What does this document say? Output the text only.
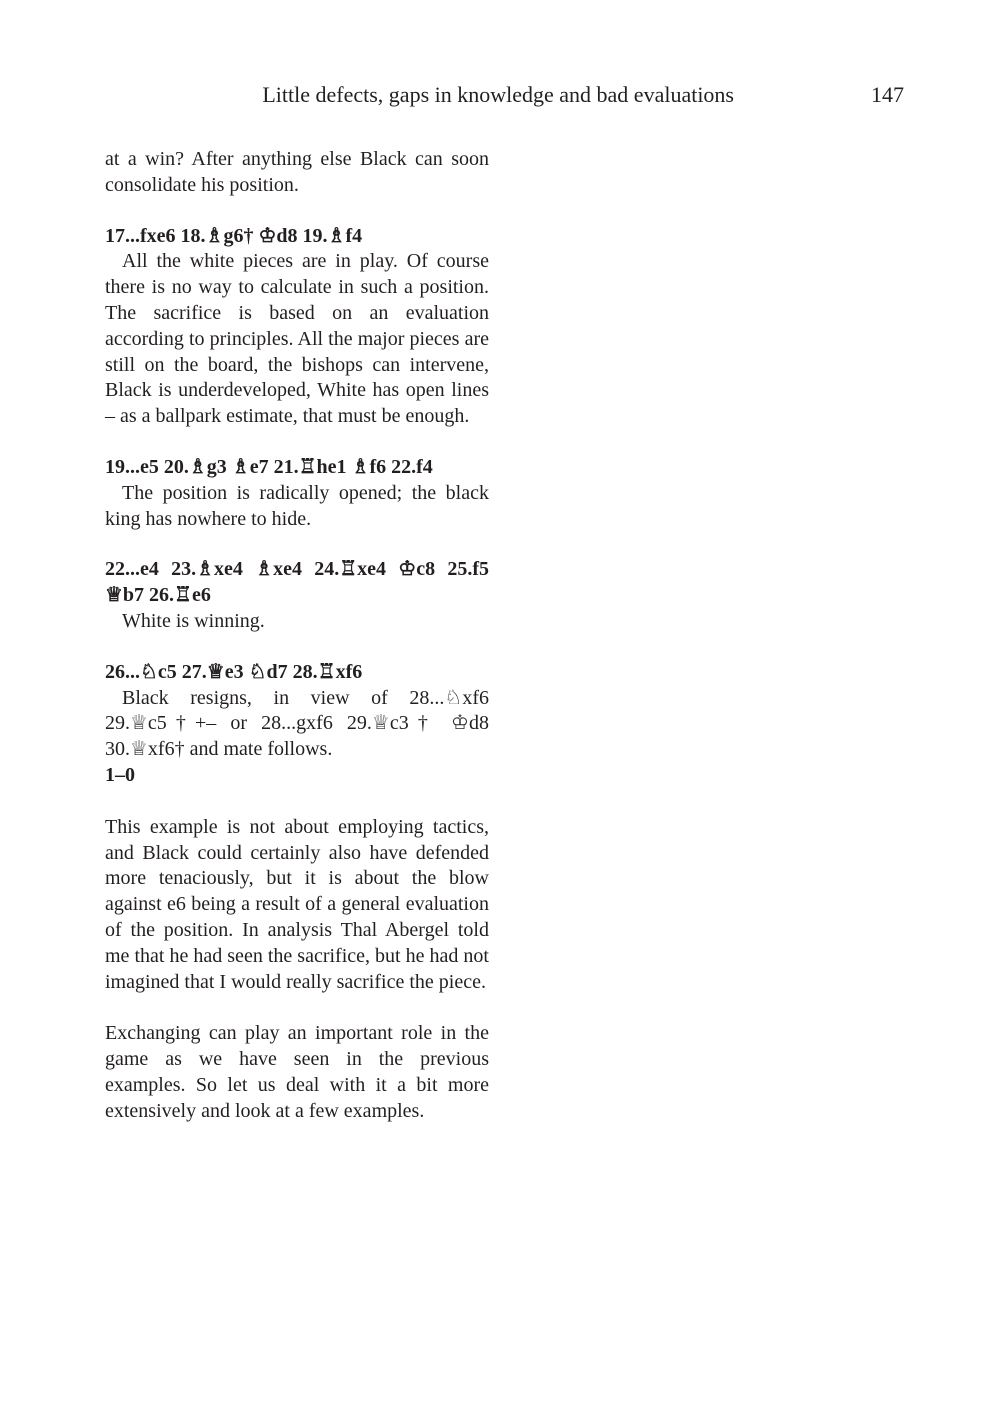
Little defects, gaps in knowledge and bad evaluations	147

at a win? After anything else Black can soon consolidate his position.

17...fxe6 18.♗g6† ♔d8 19.♗f4

All the white pieces are in play. Of course there is no way to calculate in such a position. The sacrifice is based on an evaluation according to principles. All the major pieces are still on the board, the bishops can intervene, Black is underdeveloped, White has open lines – as a ballpark estimate, that must be enough.

19...e5 20.♗g3 ♗e7 21.♖he1 ♗f6 22.f4

The position is radically opened; the black king has nowhere to hide.

22...e4 23.♗xe4 ♗xe4 24.♖xe4 ♔c8 25.f5 ♕b7 26.♖e6

White is winning.

26...♘c5 27.♕e3 ♘d7 28.♖xf6

Black resigns, in view of 28...♘xf6

29.♕c5†+– or 28...gxf6 29.♕c3† ♔d8

30.♕xf6† and mate follows.

1–0

This example is not about employing tactics, and Black could certainly also have defended more tenaciously, but it is about the blow against e6 being a result of a general evaluation of the position. In analysis Thal Abergel told me that he had seen the sacrifice, but he had not imagined that I would really sacrifice the piece.

Exchanging can play an important role in the game as we have seen in the previous examples. So let us deal with it a bit more extensively and look at a few examples.
